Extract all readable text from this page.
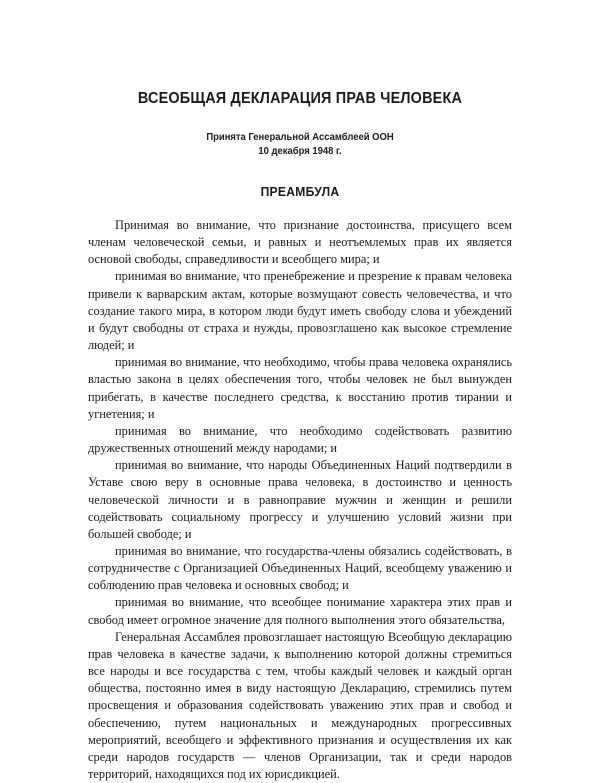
ВСЕОБЩАЯ ДЕКЛАРАЦИЯ ПРАВ ЧЕЛОВЕКА
Принята Генеральной Ассамблеей ООН
10 декабря 1948 г.
ПРЕАМБУЛА

Принимая во внимание, что признание достоинства, присущего всем членам человеческой семьи, и равных и неотъемлемых прав их является основой свободы, справедливости и всеобщего мира; и

принимая во внимание, что пренебрежение и презрение к правам человека привели к варварским актам, которые возмущают совесть человечества, и что создание такого мира, в котором люди будут иметь свободу слова и убеждений и будут свободны от страха и нужды, провозглашено как высокое стремление людей; и

принимая во внимание, что необходимо, чтобы права человека охранялись властью закона в целях обеспечения того, чтобы человек не был вынужден прибегать, в качестве последнего средства, к восстанию против тирании и угнетения; и

принимая во внимание, что необходимо содействовать развитию дружественных отношений между народами; и

принимая во внимание, что народы Объединенных Наций подтвердили в Уставе свою веру в основные права человека, в достоинство и ценность человеческой личности и в равноправие мужчин и женщин и решили содействовать социальному прогрессу и улучшению условий жизни при большей свободе; и

принимая во внимание, что государства-члены обязались содействовать, в сотрудничестве с Организацией Объединенных Наций, всеобщему уважению и соблюдению прав человека и основных свобод; и

принимая во внимание, что всеобщее понимание характера этих прав и свобод имеет огромное значение для полного выполнения этого обязательства,

Генеральная Ассамблея провозглашает настоящую Всеобщую декларацию прав человека в качестве задачи, к выполнению которой должны стремиться все народы и все государства с тем, чтобы каждый человек и каждый орган общества, постоянно имея в виду настоящую Декларацию, стремились путем просвещения и образования содействовать уважению этих прав и свобод и обеспечению, путем национальных и международных прогрессивных мероприятий, всеобщего и эффективного признания и осуществления их как среди народов государств — членов Организации, так и среди народов территорий, находящихся под их юрисдикцией.
